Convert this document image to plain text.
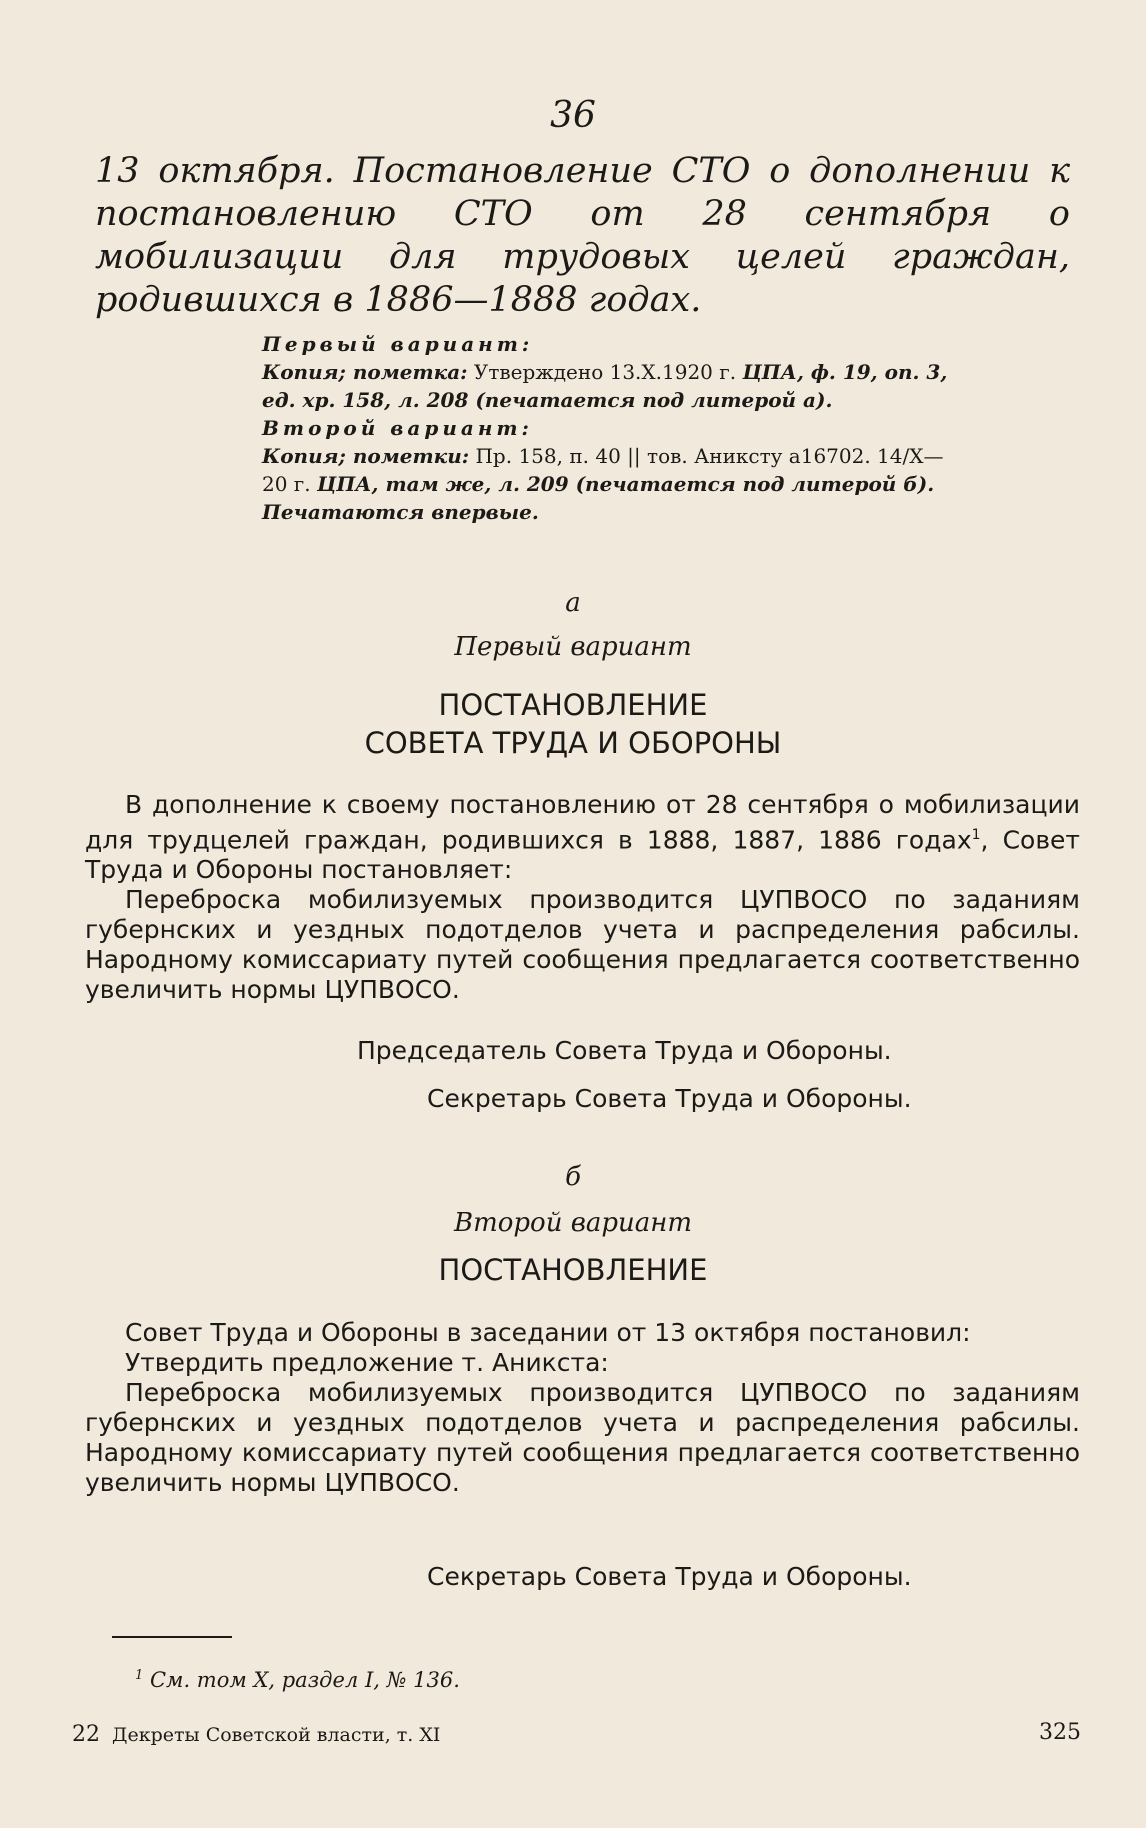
36
13 октября. Постановление СТО о дополнении к постановлению СТО от 28 сентября о мобилизации для трудовых целей граждан, родившихся в 1886—1888 годах.
Первый вариант:
Копия; пометка: Утверждено 13.X.1920 г. ЦПА, ф. 19, оп. 3,
ед. хр. 158, л. 208 (печатается под литерой а).
Второй вариант:
Копия; пометки: Пр. 158, п. 40 || тов. Аниксту а16702. 14/X—
20 г. ЦПА, там же, л. 209 (печатается под литерой б).
Печатаются впервые.
а
Первый вариант
ПОСТАНОВЛЕНИЕ
СОВЕТА ТРУДА И ОБОРОНЫ

В дополнение к своему постановлению от 28 сентября о мобилизации для трудцелей граждан, родившихся в 1888, 1887, 1886 годах$^1$, Совет Труда и Обороны постановляет:

Переброска мобилизуемых производится ЦУПВОСО по заданиям губернских и уездных подотделов учета и распределения рабсилы. Народному комиссариату путей сообщения предлагается соответственно увеличить нормы ЦУПВОСО.

Председатель Совета Труда и Обороны.
Секретарь Совета Труда и Обороны.
б
Второй вариант
ПОСТАНОВЛЕНИЕ

Совет Труда и Обороны в заседании от 13 октября постановил:

Утвердить предложение т. Аникста:

Переброска мобилизуемых производится ЦУПВОСО по заданиям губернских и уездных подотделов учета и распределения рабсилы. Народному комиссариату путей сообщения предлагается соответственно увеличить нормы ЦУПВОСО.

Секретарь Совета Труда и Обороны.
$^1$ См. том X, раздел I, № 136.
22 Декреты Советской власти, т. XI	325
